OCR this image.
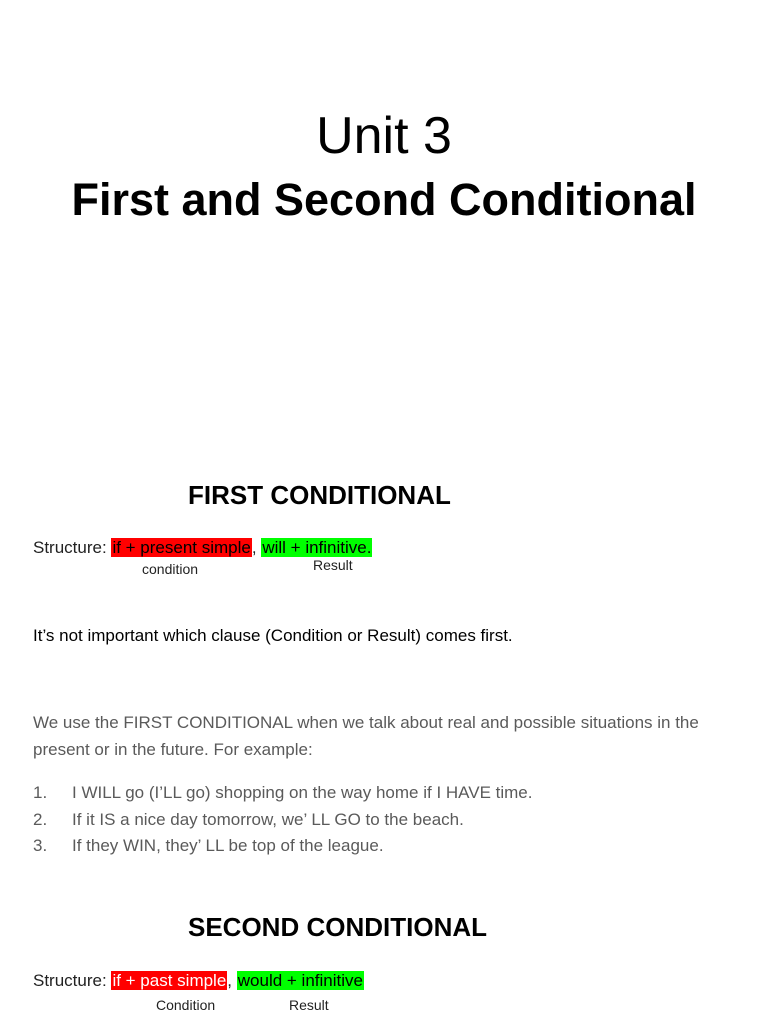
Unit 3
First and Second Conditional
FIRST CONDITIONAL
Structure: if + present simple, will + infinitive.
condition	Result
It’s not important which clause (Condition or Result) comes first.
We use the FIRST CONDITIONAL when we talk about real and possible situations in the present or in the future. For example:
1. I WILL go (I’LL go) shopping on the way home if I HAVE time.
2. If it IS a nice day tomorrow, we’ LL GO to the beach.
3. If they WIN, they’ LL be top of the league.
SECOND CONDITIONAL
Structure: if + past simple, would + infinitive
Condition	Result
